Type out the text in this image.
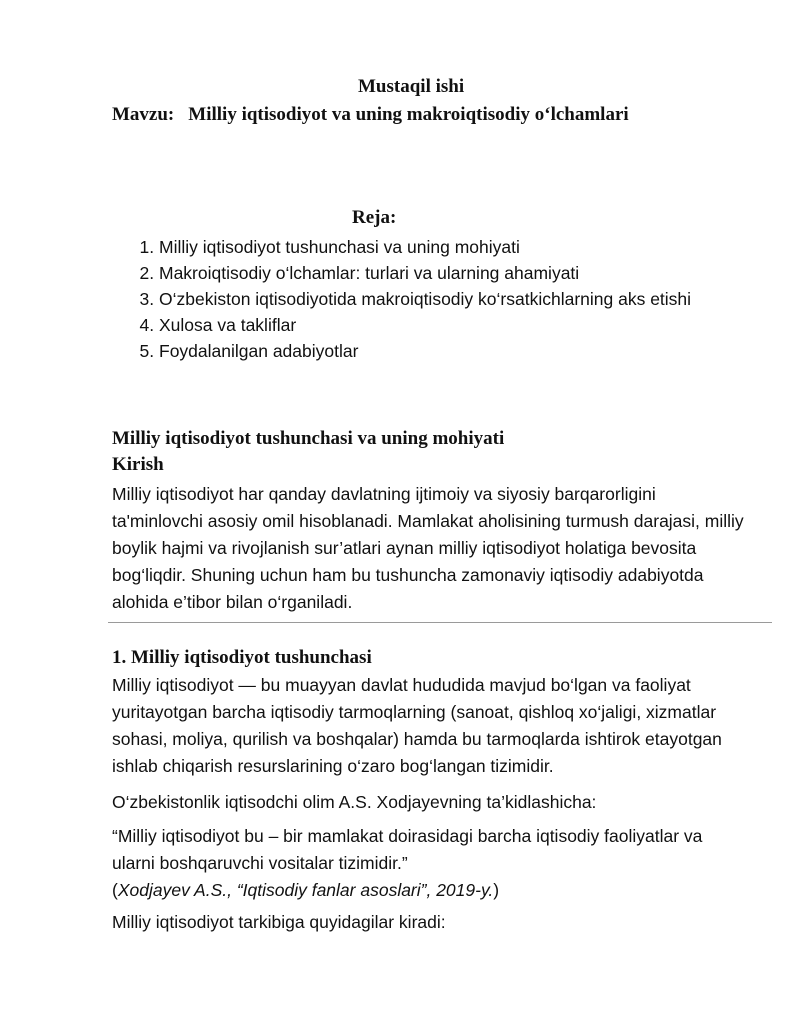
Mustaqil ishi
Mavzu: Milliy iqtisodiyot va uning makroiqtisodiy o‘lchamlari
Reja:
1. Milliy iqtisodiyot tushunchasi va uning mohiyati
2. Makroiqtisodiy o‘lchamlar: turlari va ularning ahamiyati
3. O‘zbekiston iqtisodiyotida makroiqtisodiy ko‘rsatkichlarning aks etishi
4. Xulosa va takliflar
5. Foydalanilgan adabiyotlar
Milliy iqtisodiyot tushunchasi va uning mohiyati
Kirish

Milliy iqtisodiyot har qanday davlatning ijtimoiy va siyosiy barqarorligini ta'minlovchi asosiy omil hisoblanadi. Mamlakat aholisining turmush darajasi, milliy boylik hajmi va rivojlanish sur’atlari aynan milliy iqtisodiyot holatiga bevosita bog‘liqdir. Shuning uchun ham bu tushuncha zamonaviy iqtisodiy adabiyotda alohida e’tibor bilan o‘rganiladi.

1. Milliy iqtisodiyot tushunchasi

Milliy iqtisodiyot — bu muayyan davlat hududida mavjud bo‘lgan va faoliyat yuritayotgan barcha iqtisodiy tarmoqlarning (sanoat, qishloq xo‘jaligi, xizmatlar sohasi, moliya, qurilish va boshqalar) hamda bu tarmoqlarda ishtirok etayotgan ishlab chiqarish resurslarining o‘zaro bog‘langan tizimidir.

O‘zbekistonlik iqtisodchi olim A.S. Xodjayevning ta’kidlashicha:

“Milliy iqtisodiyot bu – bir mamlakat doirasidagi barcha iqtisodiy faoliyatlar va ularni boshqaruvchi vositalar tizimidir.”

(Xodjayev A.S., “Iqtisodiy fanlar asoslari”, 2019-y.)

Milliy iqtisodiyot tarkibiga quyidagilar kiradi:
